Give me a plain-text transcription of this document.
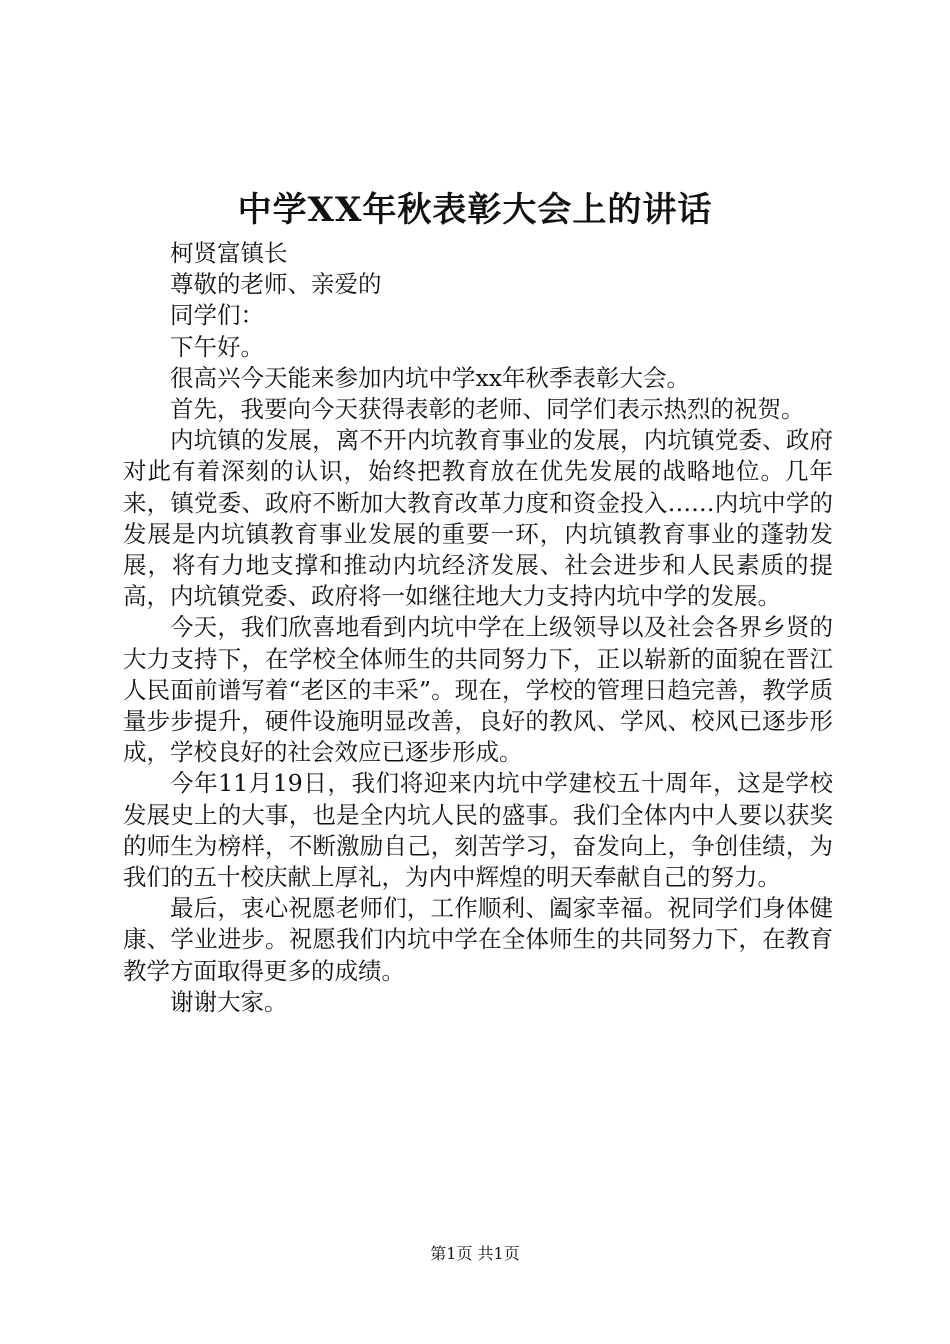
中学XX年秋表彰大会上的讲话

柯贤富镇长

尊敬的老师、亲爱的

同学们：

下午好。

很高兴今天能来参加内坑中学xx年秋季表彰大会。

首先，我要向今天获得表彰的老师、同学们表示热烈的祝贺。

内坑镇的发展，离不开内坑教育事业的发展，内坑镇党委、政府对此有着深刻的认识，始终把教育放在优先发展的战略地位。几年来，镇党委、政府不断加大教育改革力度和资金投入……内坑中学的发展是内坑镇教育事业发展的重要一环，内坑镇教育事业的蓬勃发展，将有力地支撑和推动内坑经济发展、社会进步和人民素质的提高，内坑镇党委、政府将一如继往地大力支持内坑中学的发展。

今天，我们欣喜地看到内坑中学在上级领导以及社会各界乡贤的大力支持下，在学校全体师生的共同努力下，正以崭新的面貌在晋江人民面前谱写着“老区的丰采”。现在，学校的管理日趋完善，教学质量步步提升，硬件设施明显改善，良好的教风、学风、校风已逐步形成，学校良好的社会效应已逐步形成。

今年11月19日，我们将迎来内坑中学建校五十周年，这是学校发展史上的大事，也是全内坑人民的盛事。我们全体内中人要以获奖的师生为榜样，不断激励自己，刻苦学习，奋发向上，争创佳绩，为我们的五十校庆献上厚礼，为内中辉煌的明天奉献自己的努力。

最后，衷心祝愿老师们，工作顺利、阖家幸福。祝同学们身体健康、学业进步。祝愿我们内坑中学在全体师生的共同努力下，在教育教学方面取得更多的成绩。

谢谢大家。

第1页 共1页
